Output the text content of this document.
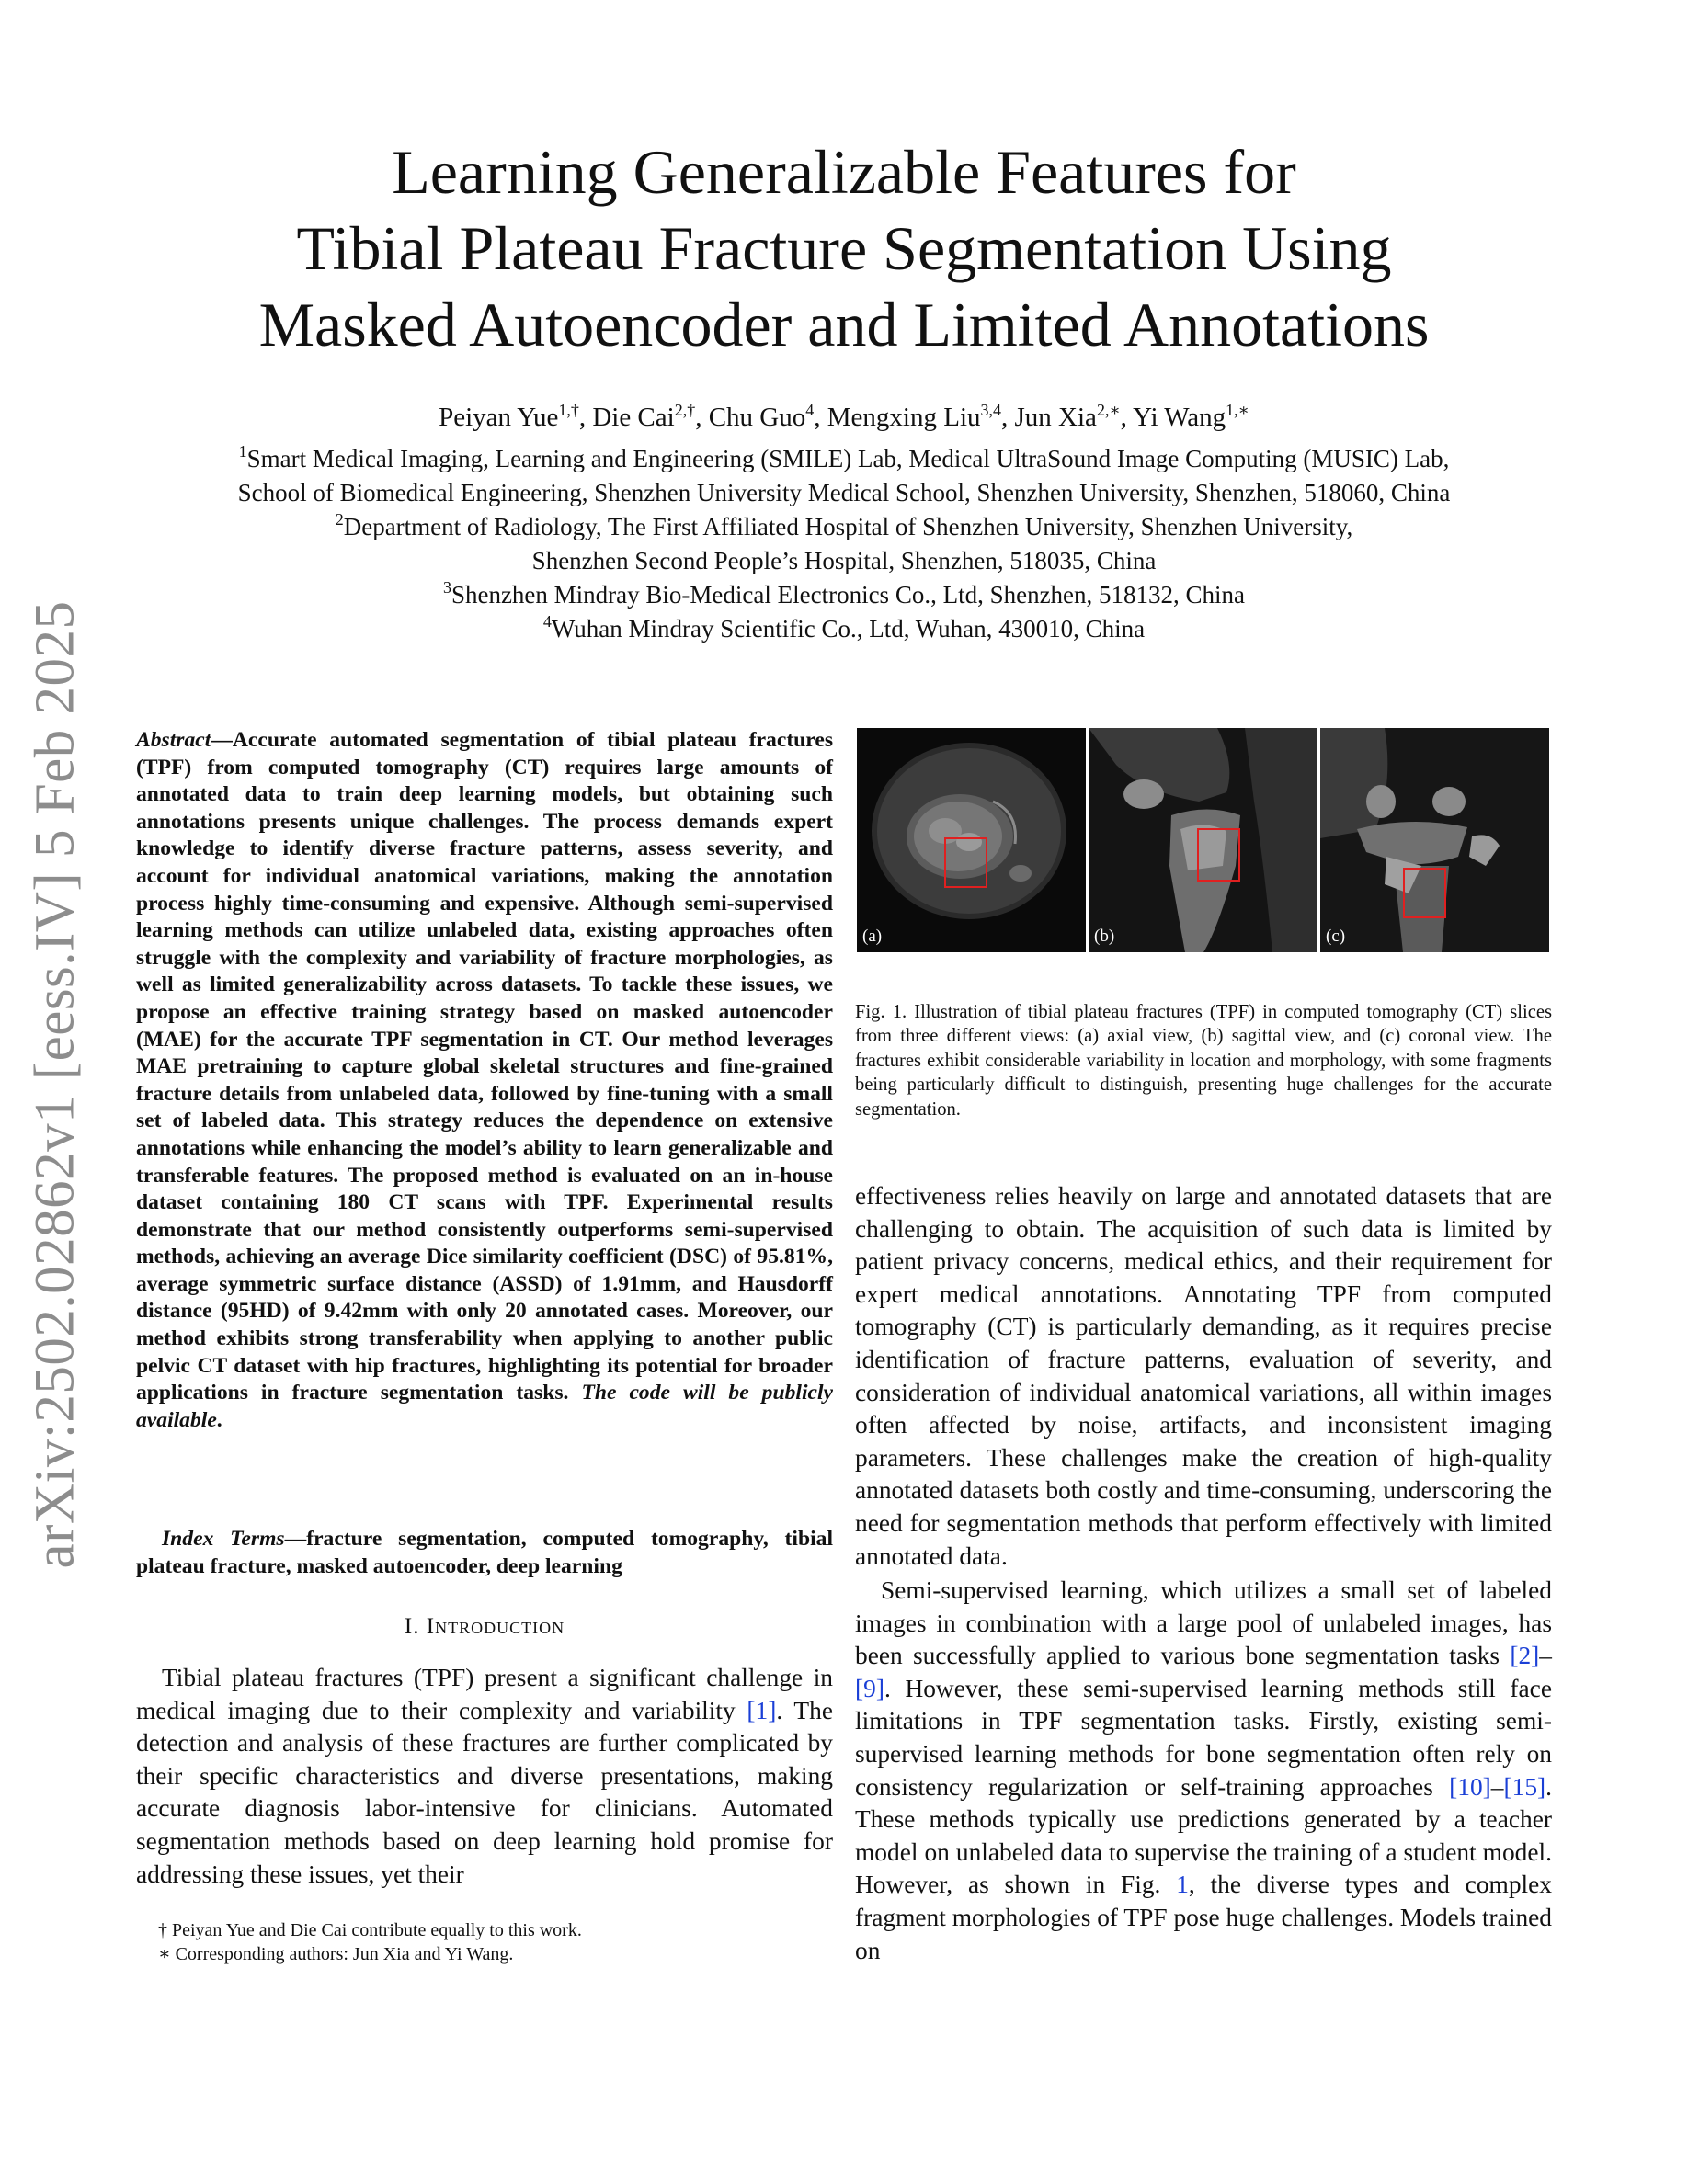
arXiv:2502.02862v1 [eess.IV] 5 Feb 2025
Learning Generalizable Features for
Tibial Plateau Fracture Segmentation Using
Masked Autoencoder and Limited Annotations
Peiyan Yue$^{1,\dagger}$, Die Cai$^{2,\dagger}$, Chu Guo$^4$, Mengxing Liu$^{3,4}$, Jun Xia$^{2,∗}$, Yi Wang$^{1,∗}$
$^1$Smart Medical Imaging, Learning and Engineering (SMILE) Lab, Medical UltraSound Image Computing (MUSIC) Lab,
School of Biomedical Engineering, Shenzhen University Medical School, Shenzhen University, Shenzhen, 518060, China
$^2$Department of Radiology, The First Affiliated Hospital of Shenzhen University, Shenzhen University,
Shenzhen Second People’s Hospital, Shenzhen, 518035, China
$^3$Shenzhen Mindray Bio-Medical Electronics Co., Ltd, Shenzhen, 518132, China
$^4$Wuhan Mindray Scientific Co., Ltd, Wuhan, 430010, China

Abstract—Accurate automated segmentation of tibial plateau fractures (TPF) from computed tomography (CT) requires large amounts of annotated data to train deep learning models, but obtaining such annotations presents unique challenges. The process demands expert knowledge to identify diverse fracture patterns, assess severity, and account for individual anatomical variations, making the annotation process highly time-consuming and expensive. Although semi-supervised learning methods can utilize unlabeled data, existing approaches often struggle with the complexity and variability of fracture morphologies, as well as limited generalizability across datasets. To tackle these issues, we propose an effective training strategy based on masked autoencoder (MAE) for the accurate TPF segmentation in CT. Our method leverages MAE pretraining to capture global skeletal structures and fine-grained fracture details from unlabeled data, followed by fine-tuning with a small set of labeled data. This strategy reduces the dependence on extensive annotations while enhancing the model’s ability to learn generalizable and transferable features. The proposed method is evaluated on an in-house dataset containing 180 CT scans with TPF. Experimental results demonstrate that our method consistently outperforms semi-supervised methods, achieving an average Dice similarity coefficient (DSC) of 95.81%, average symmetric surface distance (ASSD) of 1.91mm, and Hausdorff distance (95HD) of 9.42mm with only 20 annotated cases. Moreover, our method exhibits strong transferability when applying to another public pelvic CT dataset with hip fractures, highlighting its potential for broader applications in fracture segmentation tasks. The code will be publicly available.

Index Terms—fracture segmentation, computed tomography, tibial plateau fracture, masked autoencoder, deep learning

I. Introduction

Tibial plateau fractures (TPF) present a significant challenge in medical imaging due to their complexity and variability [1]. The detection and analysis of these fractures are further complicated by their specific characteristics and diverse presentations, making accurate diagnosis labor-intensive for clinicians. Automated segmentation methods based on deep learning hold promise for addressing these issues, yet their

† Peiyan Yue and Die Cai contribute equally to this work.
∗ Corresponding authors: Jun Xia and Yi Wang.
(a)	(b)	(c)

Fig. 1. Illustration of tibial plateau fractures (TPF) in computed tomography (CT) slices from three different views: (a) axial view, (b) sagittal view, and (c) coronal view. The fractures exhibit considerable variability in location and morphology, with some fragments being particularly difficult to distinguish, presenting huge challenges for the accurate segmentation.

effectiveness relies heavily on large and annotated datasets that are challenging to obtain. The acquisition of such data is limited by patient privacy concerns, medical ethics, and their requirement for expert medical annotations. Annotating TPF from computed tomography (CT) is particularly demanding, as it requires precise identification of fracture patterns, evaluation of severity, and consideration of individual anatomical variations, all within images often affected by noise, artifacts, and inconsistent imaging parameters. These challenges make the creation of high-quality annotated datasets both costly and time-consuming, underscoring the need for segmentation methods that perform effectively with limited annotated data.

Semi-supervised learning, which utilizes a small set of labeled images in combination with a large pool of unlabeled images, has been successfully applied to various bone segmentation tasks [2]–[9]. However, these semi-supervised learning methods still face limitations in TPF segmentation tasks. Firstly, existing semi-supervised learning methods for bone segmentation often rely on consistency regularization or self-training approaches [10]–[15]. These methods typically use predictions generated by a teacher model on unlabeled data to supervise the training of a student model. However, as shown in Fig. 1, the diverse types and complex fragment morphologies of TPF pose huge challenges. Models trained on
